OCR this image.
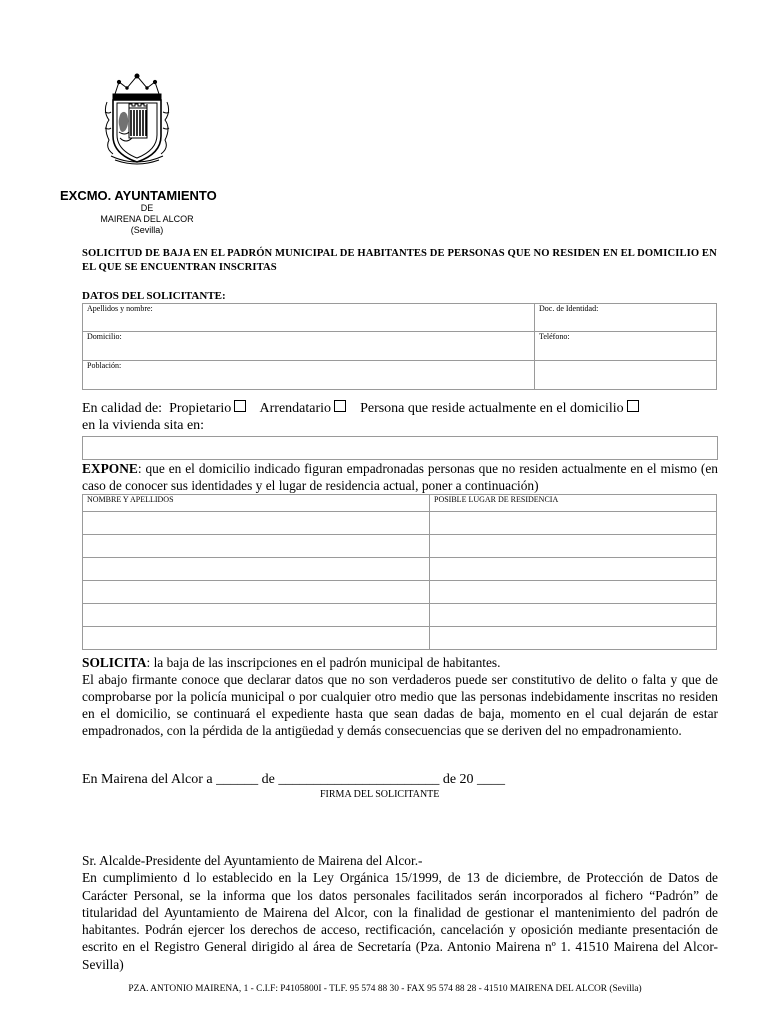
EXCMO. AYUNTAMIENTO
DE
MAIRENA DEL ALCOR
(Sevilla)
SOLICITUD DE BAJA EN EL PADRÓN MUNICIPAL DE HABITANTES DE PERSONAS QUE NO RESIDEN EN EL DOMICILIO EN EL QUE SE ENCUENTRAN INSCRITAS
DATOS DEL SOLICITANTE:
Apellidos y nombre:	Doc. de Identidad:
Domicilio:	Teléfono:
Población:	
En calidad de: Propietario Arrendatario Persona que reside actualmente en el domicilio
en la vivienda sita en:
EXPONE: que en el domicilio indicado figuran empadronadas personas que no residen actualmente en el mismo (en caso de conocer sus identidades y el lugar de residencia actual, poner a continuación)
NOMBRE Y APELLIDOS	POSIBLE LUGAR DE RESIDENCIA

SOLICITA: la baja de las inscripciones en el padrón municipal de habitantes.
El abajo firmante conoce que declarar datos que no son verdaderos puede ser constitutivo de delito o falta y que de comprobarse por la policía municipal o por cualquier otro medio que las personas indebidamente inscritas no residen en el domicilio, se continuará el expediente hasta que sean dadas de baja, momento en el cual dejarán de estar empadronados, con la pérdida de la antigüedad y demás consecuencias que se deriven del no empadronamiento.
En Mairena del Alcor a ______ de _______________________ de 20 ____
FIRMA DEL SOLICITANTE
Sr. Alcalde-Presidente del Ayuntamiento de Mairena del Alcor.-
En cumplimiento d lo establecido en la Ley Orgánica 15/1999, de 13 de diciembre, de Protección de Datos de Carácter Personal, se la informa que los datos personales facilitados serán incorporados al fichero “Padrón” de titularidad del Ayuntamiento de Mairena del Alcor, con la finalidad de gestionar el mantenimiento del padrón de habitantes. Podrán ejercer los derechos de acceso, rectificación, cancelación y oposición mediante presentación de escrito en el Registro General dirigido al área de Secretaría (Pza. Antonio Mairena nº 1. 41510 Mairena del Alcor-Sevilla)
PZA. ANTONIO MAIRENA, 1 - C.I.F: P4105800I - TLF. 95 574 88 30 - FAX 95 574 88 28 - 41510 MAIRENA DEL ALCOR (Sevilla)
